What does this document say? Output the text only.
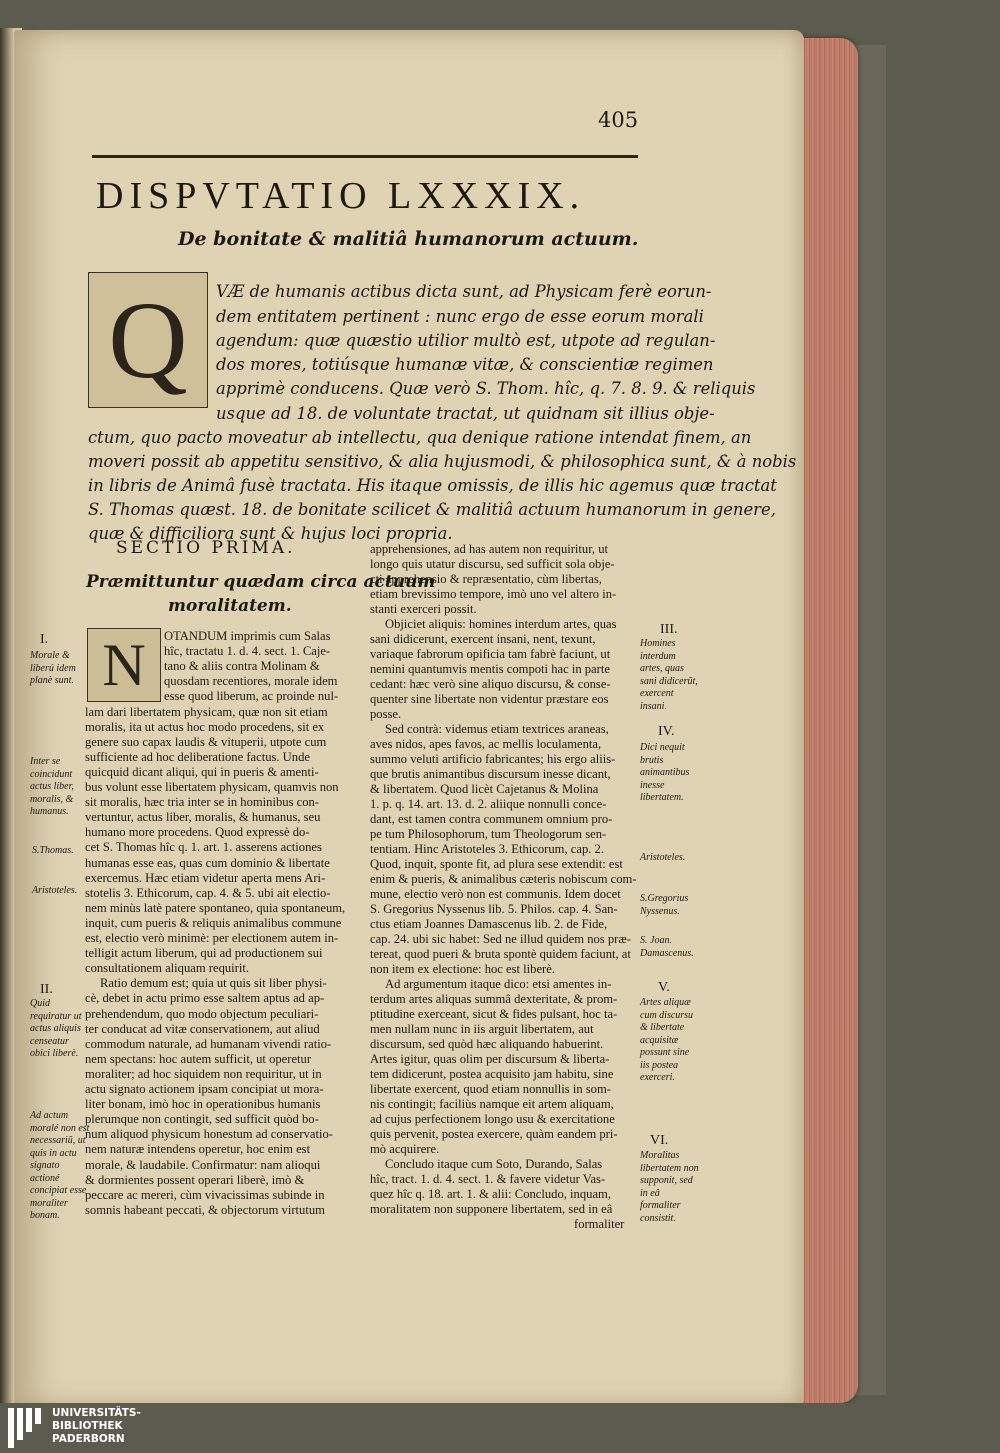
405
DISPVTATIO LXXXIX.
De bonitate & malitiâ humanorum actuum.
Q VÆ de humanis actibus dicta sunt, ad Physicam ferè eorun-
dem entitatem pertinent : nunc ergo de esse eorum morali
agendum: quæ quæstio utilior multò est, utpote ad regulan-
dos mores, totiúsque humanæ vitæ, & conscientiæ regimen
apprimè conducens. Quæ verò S. Thom. hîc, q. 7. 8. 9. & reliquis
usque ad 18. de voluntate tractat, ut quidnam sit illius obje-
ctum, quo pacto moveatur ab intellectu, qua denique ratione intendat finem, an
moveri possit ab appetitu sensitivo, & alia hujusmodi, & philosophica sunt, & à nobis
in libris de Animâ fusè tractata. His itaque omissis, de illis hic agemus quæ tractat
S. Thomas quæst. 18. de bonitate scilicet & malitiâ actuum humanorum in genere,
quæ & difficiliora sunt & hujus loci propria.
SECTIO PRIMA.
Præmittuntur quædam circa actuum
moralitatem.
N OTANDUM imprimis cum Salas
hîc, tractatu 1. d. 4. sect. 1. Caje-
tano & aliis contra Molinam &
quosdam recentiores, morale idem
esse quod liberum, ac proinde nul-
lam dari libertatem physicam, quæ non sit etiam
moralis, ita ut actus hoc modo procedens, sit ex
genere suo capax laudis & vituperii, utpote cum
sufficiente ad hoc deliberatione factus. Unde
quicquid dicant aliqui, qui in pueris & amenti-
bus volunt esse libertatem physicam, quamvis non
sit moralis, hæc tria inter se in hominibus con-
vertuntur, actus liber, moralis, & humanus, seu
humano more procedens. Quod expressè do-
cet S. Thomas hîc q. 1. art. 1. asserens actiones
humanas esse eas, quas cum dominio & libertate
exercemus. Hæc etiam videtur aperta mens Ari-
stotelis 3. Ethicorum, cap. 4. & 5. ubi ait electio-
nem minùs latè patere spontaneo, quia spontaneum,
inquit, cum pueris & reliquis animalibus commune
est, electio verò minimè: per electionem autem in-
telligit actum liberum, qui ad productionem sui
consultationem aliquam requirit.
Ratio demum est; quia ut quis sit liber physi-
cè, debet in actu primo esse saltem aptus ad ap-
prehendendum, quo modo objectum peculiari-
ter conducat ad vitæ conservationem, aut aliud
commodum naturale, ad humanam vivendi ratio-
nem spectans: hoc autem sufficit, ut operetur
moraliter; ad hoc siquidem non requiritur, ut in
actu signato actionem ipsam concipiat ut mora-
liter bonam, imò hoc in operationibus humanis
plerumque non contingit, sed sufficit quòd bo-
num aliquod physicum honestum ad conservatio-
nem naturæ intendens operetur, hoc enim est
morale, & laudabile. Confirmatur: nam alioqui
& dormientes possent operari liberè, imò &
peccare ac mereri, cùm vivacissimas subinde in
somnis habeant peccati, & objectorum virtutum
apprehensiones, ad has autem non requiritur, ut
longo quis utatur discursu, sed sufficit sola obje-
cti apprehensio & repræsentatio, cùm libertas,
etiam brevissimo tempore, imò uno vel altero in-
stanti exerceri possit.
Objiciet aliquis: homines interdum artes, quas
sani didicerunt, exercent insani, nent, texunt,
variaque fabrorum opificia tam fabrè faciunt, ut
nemini quantumvis mentis compoti hac in parte
cedant: hæc verò sine aliquo discursu, & conse-
quenter sine libertate non videntur præstare eos
posse.
Sed contrà: videmus etiam textrices araneas,
aves nidos, apes favos, ac mellis loculamenta,
summo veluti artificio fabricantes; his ergo aliis-
que brutis animantibus discursum inesse dicant,
& libertatem. Quod licèt Cajetanus & Molina
1. p. q. 14. art. 13. d. 2. aliique nonnulli conce-
dant, est tamen contra communem omnium pro-
pe tum Philosophorum, tum Theologorum sen-
tentiam. Hinc Aristoteles 3. Ethicorum, cap. 2.
Quod, inquit, sponte fit, ad plura sese extendit: est
enim & pueris, & animalibus cæteris nobiscum com-
mune, electio verò non est communis. Idem docet
S. Gregorius Nyssenus lib. 5. Philos. cap. 4. San-
ctus etiam Joannes Damascenus lib. 2. de Fide,
cap. 24. ubi sic habet: Sed ne illud quidem nos præ-
tereat, quod pueri & bruta spontè quidem faciunt, at
non item ex electione: hoc est liberè.
Ad argumentum itaque dico: etsi amentes in-
terdum artes aliquas summâ dexteritate, & prom-
ptitudine exerceant, sicut & fides pulsant, hoc ta-
men nullam nunc in iis arguit libertatem, aut
discursum, sed quòd hæc aliquando habuerint.
Artes igitur, quas olim per discursum & liberta-
tem didicerunt, postea acquisito jam habitu, sine
libertate exercent, quod etiam nonnullis in som-
nis contingit; faciliùs namque eit artem aliquam,
ad cujus perfectionem longo usu & exercitatione
quis pervenit, postea exercere, quàm eandem pri-
mò acquirere.
Concludo itaque cum Soto, Durando, Salas
hîc, tract. 1. d. 4. sect. 1. & favere videtur Vas-
quez hîc q. 18. art. 1. & alii: Concludo, inquam,
moralitatem non supponere libertatem, sed in eâ
formaliter
I.
Morale & liberú idem planè sunt.
Inter se coincidunt actus liber, moralis, & humanus.
S.Thomas.
Aristoteles.
II.
Quid requiratur ut actus aliquis censeatur obici liberè.
Ad actum moralé non est necessariũ, ut quis in actu signato actioné concipiat esse moraliter bonam.
III.
Homines interdum artes, quas sani didicerũt, exercent insani.
IV.
Dici nequit brutis animantibus inesse libertatem.
Aristoteles.
S.Gregorius Nyssenus.
S. Joan. Damascenus.
V.
Artes aliquæ cum discursu & libertate acquisitæ possunt sine iis postea exerceri.
VI.
Moralitas libertatem non supponit, sed in eâ formaliter consistit.
UNIVERSITÄTS-
BIBLIOTHEK
PADERBORN
